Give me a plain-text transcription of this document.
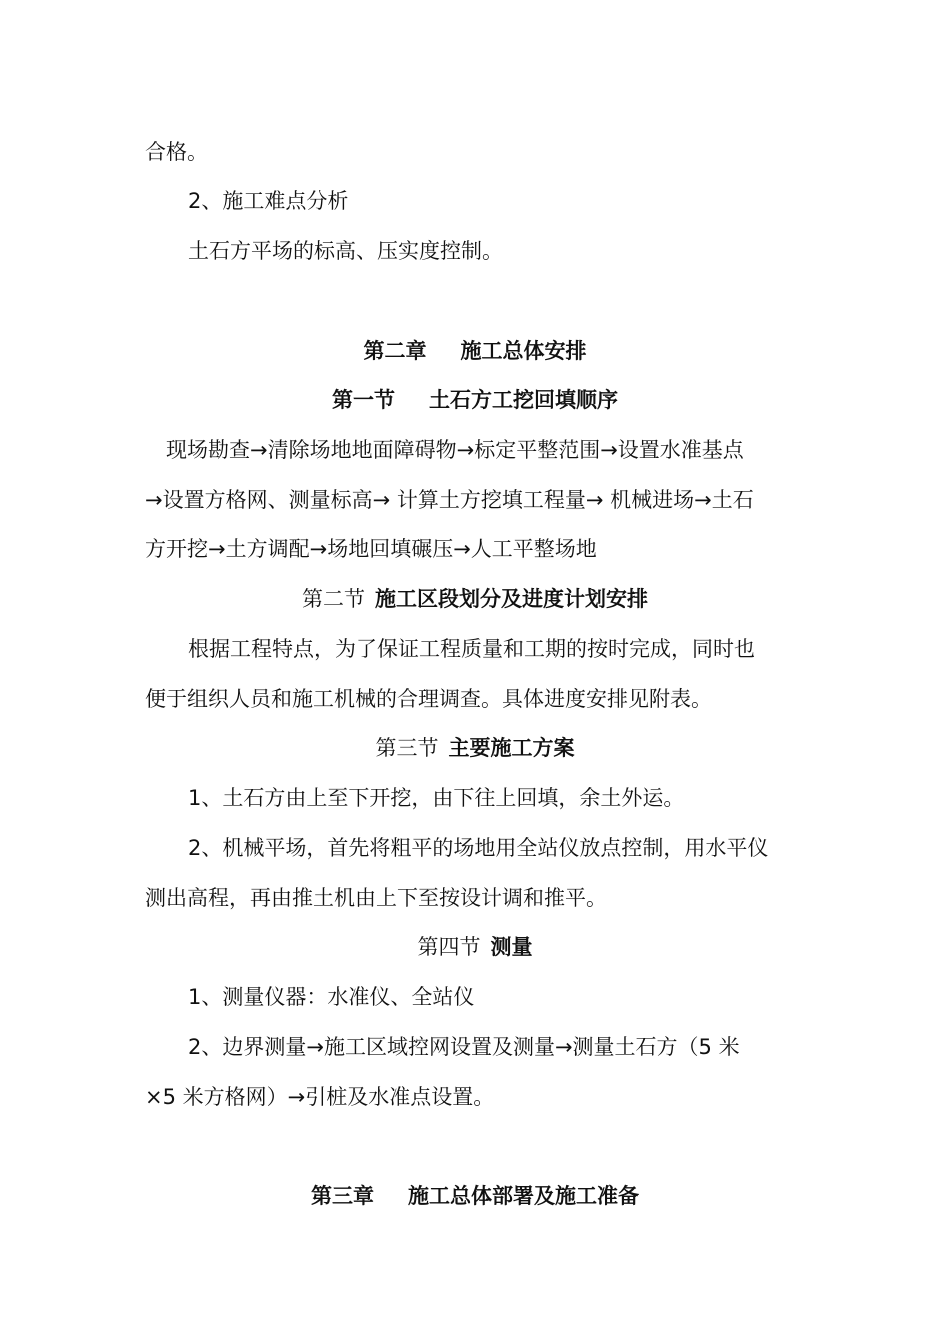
合格。
2、施工难点分析
土石方平场的标高、压实度控制。
第二章 施工总体安排
第一节 土石方工挖回填顺序
现场勘查→清除场地地面障碍物→标定平整范围→设置水准基点
→设置方格网、测量标高→ 计算土方挖填工程量→ 机械进场→土石
方开挖→土方调配→场地回填碾压→人工平整场地
第二节 施工区段划分及进度计划安排
根据工程特点，为了保证工程质量和工期的按时完成，同时也
便于组织人员和施工机械的合理调查。具体进度安排见附表。
第三节 主要施工方案
1、土石方由上至下开挖，由下往上回填，余土外运。
2、机械平场，首先将粗平的场地用全站仪放点控制，用水平仪
测出高程，再由推土机由上下至按设计调和推平。
第四节 测量
1、测量仪器：水准仪、全站仪
2、边界测量→施工区域控网设置及测量→测量土石方（5 米
×5 米方格网）→引桩及水准点设置。
第三章 施工总体部署及施工准备
